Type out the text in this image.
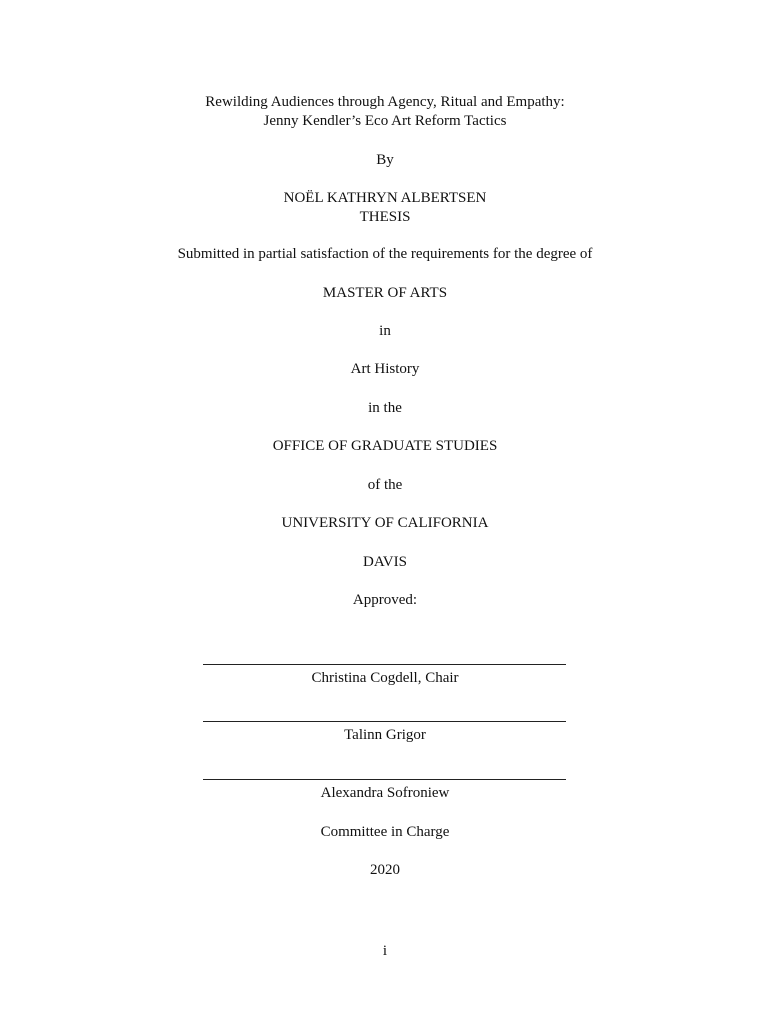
Rewilding Audiences through Agency, Ritual and Empathy:
Jenny Kendler’s Eco Art Reform Tactics
By
NOËL KATHRYN ALBERTSEN
THESIS
Submitted in partial satisfaction of the requirements for the degree of
MASTER OF ARTS
in
Art History
in the
OFFICE OF GRADUATE STUDIES
of the
UNIVERSITY OF CALIFORNIA
DAVIS
Approved:
Christina Cogdell, Chair
Talinn Grigor
Alexandra Sofroniew
Committee in Charge
2020
i
